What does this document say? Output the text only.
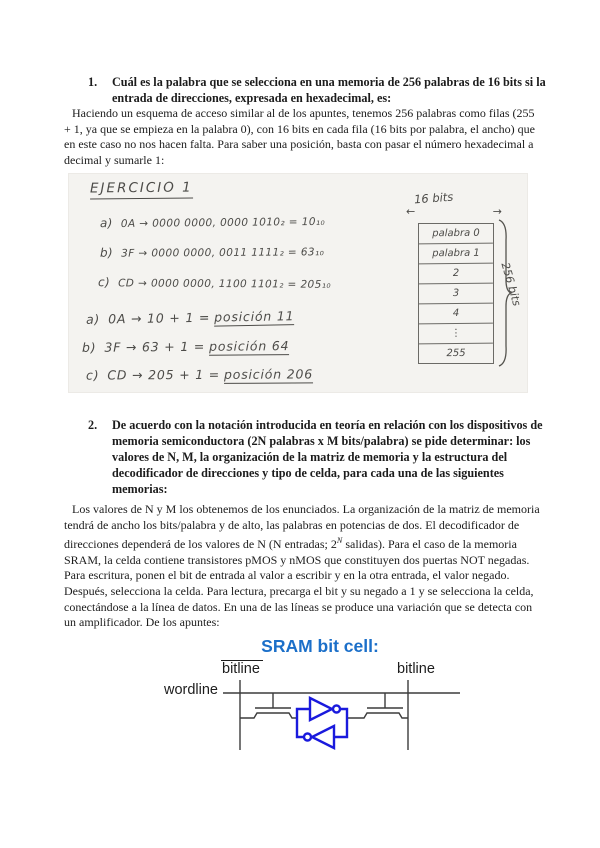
1.	Cuál es la palabra que se selecciona en una memoria de 256 palabras de 16 bits si la entrada de direcciones, expresada en hexadecimal, es:
Haciendo un esquema de acceso similar al de los apuntes, tenemos 256 palabras como filas (255 + 1, ya que se empieza en la palabra 0), con 16 bits en cada fila (16 bits por palabra, el ancho) que en este caso no nos hacen falta. Para saber una posición, basta con pasar el número hexadecimal a decimal y sumarle 1:
EJERCICIO 1
a) 0A → 0000 0000, 0000 1010₂ = 10₁₀
b) 3F → 0000 0000, 0011 1111₂ = 63₁₀
c) CD → 0000 0000, 1100 1101₂ = 205₁₀
a) 0A → 10 + 1 = posición 11
b) 3F → 63 + 1 = posición 64
c) CD → 205 + 1 = posición 206
16 bits
←	→
palabra 0
palabra 1
2
3
4
⋮
255
256 bits
2.	De acuerdo con la notación introducida en teoría en relación con los dispositivos de memoria semiconductora (2N palabras x M bits/palabra) se pide determinar: los valores de N, M, la organización de la matriz de memoria y la estructura del decodificador de direcciones y tipo de celda, para cada una de las siguientes memorias:
Los valores de N y M los obtenemos de los enunciados. La organización de la matriz de memoria tendrá de ancho los bits/palabra y de alto, las palabras en potencias de dos. El decodificador de direcciones dependerá de los valores de N (N entradas; $2^N$ salidas). Para el caso de la memoria SRAM, la celda contiene transistores pMOS y nMOS que constituyen dos puertas NOT negadas. Para escritura, ponen el bit de entrada al valor a escribir y en la otra entrada, el valor negado. Después, selecciona la celda. Para lectura, precarga el bit y su negado a 1 y se selecciona la celda, conectándose a la línea de datos. En una de las líneas se produce una variación que se detecta con un amplificador. De los apuntes:
SRAM bit cell:
bitline	bitline
wordline
